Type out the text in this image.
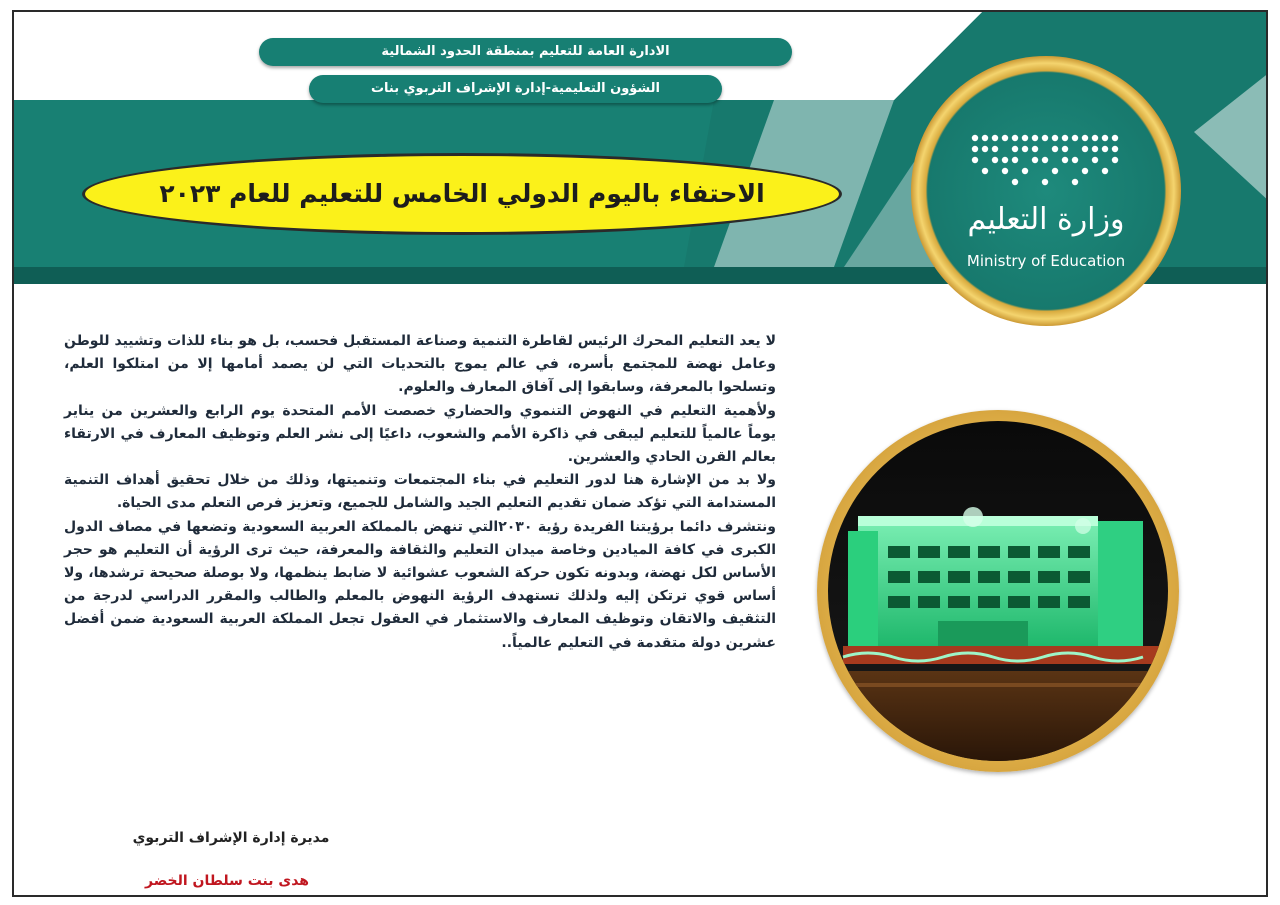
الادارة العامة للتعليم بمنطقة الحدود الشمالية
الشؤون التعليمية-إدارة الإشراف التربوي بنات
الاحتفاء باليوم الدولي الخامس للتعليم للعام ٢٠٢٣
وزارة التعليم
Ministry of Education

لا يعد التعليم المحرك الرئيس لقاطرة التنمية وصناعة المستقبل فحسب، بل هو بناء للذات وتشييد للوطن وعامل نهضة للمجتمع بأسره، في عالم يموج بالتحديات التي لن يصمد أمامها إلا من امتلكوا العلم، وتسلحوا بالمعرفة، وسابقوا إلى آفاق المعارف والعلوم.

ولأهمية التعليم في النهوض التنموي والحضاري خصصت الأمم المتحدة يوم الرابع والعشرين من يناير يوماً عالمياً للتعليم ليبقى في ذاكرة الأمم والشعوب، داعيًا إلى نشر العلم وتوظيف المعارف في الارتقاء بعالم القرن الحادي والعشرين.

ولا بد من الإشارة هنا لدور التعليم في بناء المجتمعات وتنميتها، وذلك من خلال تحقيق أهداف التنمية المستدامة التي تؤكد ضمان تقديم التعليم الجيد والشامل للجميع، وتعزيز فرص التعلم مدى الحياة.

ونتشرف دائما برؤيتنا الفريدة رؤية ٢٠٣٠التي تنهض بالمملكة العربية السعودية وتضعها في مصاف الدول الكبرى في كافة الميادين وخاصة ميدان التعليم والثقافة والمعرفة، حيث ترى الرؤية أن التعليم هو حجر الأساس لكل نهضة، وبدونه تكون حركة الشعوب عشوائية لا ضابط ينظمها، ولا بوصلة صحيحة ترشدها، ولا أساس قوي ترتكن إليه ولذلك تستهدف الرؤية النهوض بالمعلم والطالب والمقرر الدراسي لدرجة من التثقيف والاتقان وتوظيف المعارف والاستثمار في العقول تجعل المملكة العربية السعودية ضمن أفضل عشرين دولة متقدمة في التعليم عالمياً..

مديرة إدارة الإشراف التربوي
هدى بنت سلطان الخضر
